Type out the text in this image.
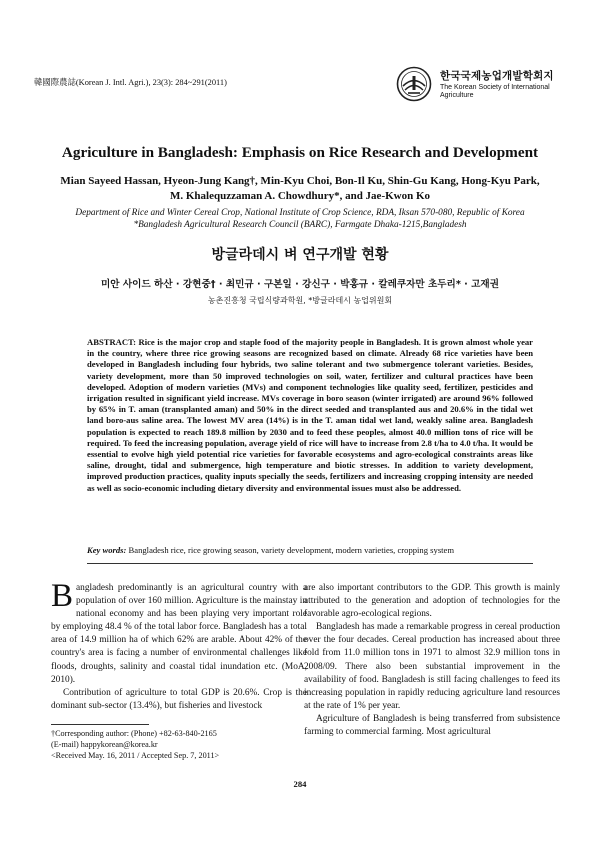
韓國際農誌(Korean J. Intl. Agri.), 23(3): 284~291(2011)
한국국제농업개발학회지
The Korean Society of International Agriculture
Agriculture in Bangladesh: Emphasis on Rice Research and Development
Mian Sayeed Hassan, Hyeon-Jung Kang†, Min-Kyu Choi, Bon-Il Ku, Shin-Gu Kang, Hong-Kyu Park,
M. Khalequzzaman A. Chowdhury*, and Jae-Kwon Ko
Department of Rice and Winter Cereal Crop, National Institute of Crop Science, RDA, Iksan 570-080, Republic of Korea
*Bangladesh Agricultural Research Council (BARC), Farmgate Dhaka-1215,Bangladesh
방글라데시 벼 연구개발 현황
미안 사이드 하산 · 강현중† · 최민규 · 구본일 · 강신구 · 박홍규 · 칼레쿠자만 초두리* · 고재권
농촌진흥청 국립식량과학원, *방글라데시 농업위원회
ABSTRACT: Rice is the major crop and staple food of the majority people in Bangladesh. It is grown almost whole year in the country, where three rice growing seasons are recognized based on climate. Already 68 rice varieties have been developed in Bangladesh including four hybrids, two saline tolerant and two submergence tolerant varieties. Besides, variety development, more than 50 improved technologies on soil, water, fertilizer and cultural practices have been developed. Adoption of modern varieties (MVs) and component technologies like quality seed, fertilizer, pesticides and irrigation resulted in significant yield increase. MVs coverage in boro season (winter irrigated) are around 96% followed by 65% in T. aman (transplanted aman) and 50% in the direct seeded and transplanted aus and 20.6% in the tidal wet land boro-aus saline area. The lowest MV area (14%) is in the T. aman tidal wet land, weakly saline area. Bangladesh population is expected to reach 189.8 million by 2030 and to feed these peoples, almost 40.0 million tons of rice will be required. To feed the increasing population, average yield of rice will have to increase from 2.8 t/ha to 4.0 t/ha. It would be essential to evolve high yield potential rice varieties for favorable ecosystems and agro-ecological constraints areas like saline, drought, tidal and submergence, high temperature and biotic stresses. In addition to variety development, improved production practices, quality inputs specially the seeds, fertilizers and increasing cropping intensity are needed as well as socio-economic including dietary diversity and environmental issues must also be addressed.
Key words: Bangladesh rice, rice growing season, variety development, modern varieties, cropping system

Bangladesh predominantly is an agricultural country with a population of over 160 million. Agriculture is the mainstay in national economy and has been playing very important role by employing 48.4 % of the total labor force. Bangladesh has a total area of 14.9 million ha of which 62% are arable. About 42% of the country's area is facing a number of environmental challenges like floods, droughts, salinity and coastal tidal inundation etc. (MoA, 2010).

Contribution of agriculture to total GDP is 20.6%. Crop is the dominant sub-sector (13.4%), but fisheries and livestock

are also important contributors to the GDP. This growth is mainly attributed to the generation and adoption of technologies for the favorable agro-ecological regions.

Bangladesh has made a remarkable progress in cereal production over the four decades. Cereal production has increased about three fold from 11.0 million tons in 1971 to almost 32.9 million tons in 2008/09. There also been substantial improvement in the availability of food. Bangladesh is still facing challenges to feed its increasing population in rapidly reducing agriculture land resources at the rate of 1% per year.

Agriculture of Bangladesh is being transferred from subsistence farming to commercial farming. Most agricultural

†Corresponding author: (Phone) +82-63-840-2165
(E-mail) happykorean@korea.kr
<Received May. 16, 2011 / Accepted Sep. 7, 2011>
284
